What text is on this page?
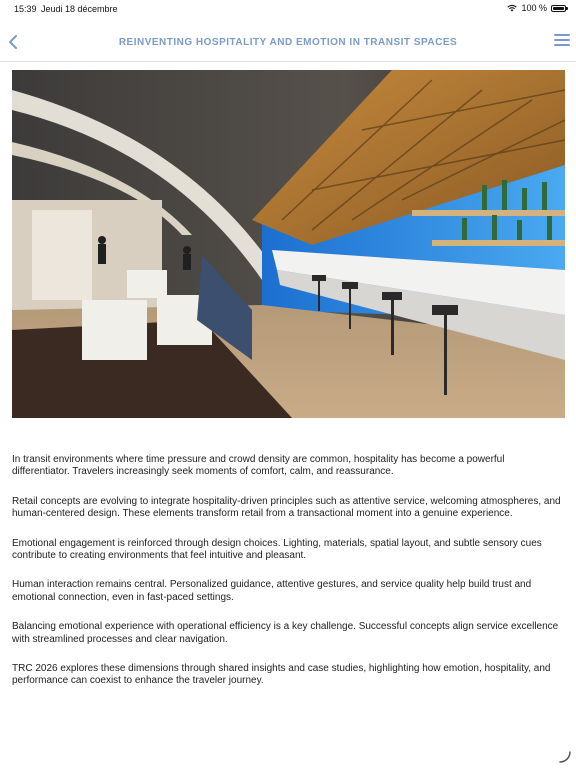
15:39 Jeudi 18 décembre	100 %
REINVENTING HOSPITALITY AND EMOTION IN TRANSIT SPACES

In transit environments where time pressure and crowd density are common, hospitality has become a powerful differentiator. Travelers increasingly seek moments of comfort, calm, and reassurance.

Retail concepts are evolving to integrate hospitality-driven principles such as attentive service, welcoming atmospheres, and human-centered design. These elements transform retail from a transactional moment into a genuine experience.

Emotional engagement is reinforced through design choices. Lighting, materials, spatial layout, and subtle sensory cues contribute to creating environments that feel intuitive and pleasant.

Human interaction remains central. Personalized guidance, attentive gestures, and service quality help build trust and emotional connection, even in fast-paced settings.

Balancing emotional experience with operational efficiency is a key challenge. Successful concepts align service excellence with streamlined processes and clear navigation.

TRC 2026 explores these dimensions through shared insights and case studies, highlighting how emotion, hospitality, and performance can coexist to enhance the traveler journey.
